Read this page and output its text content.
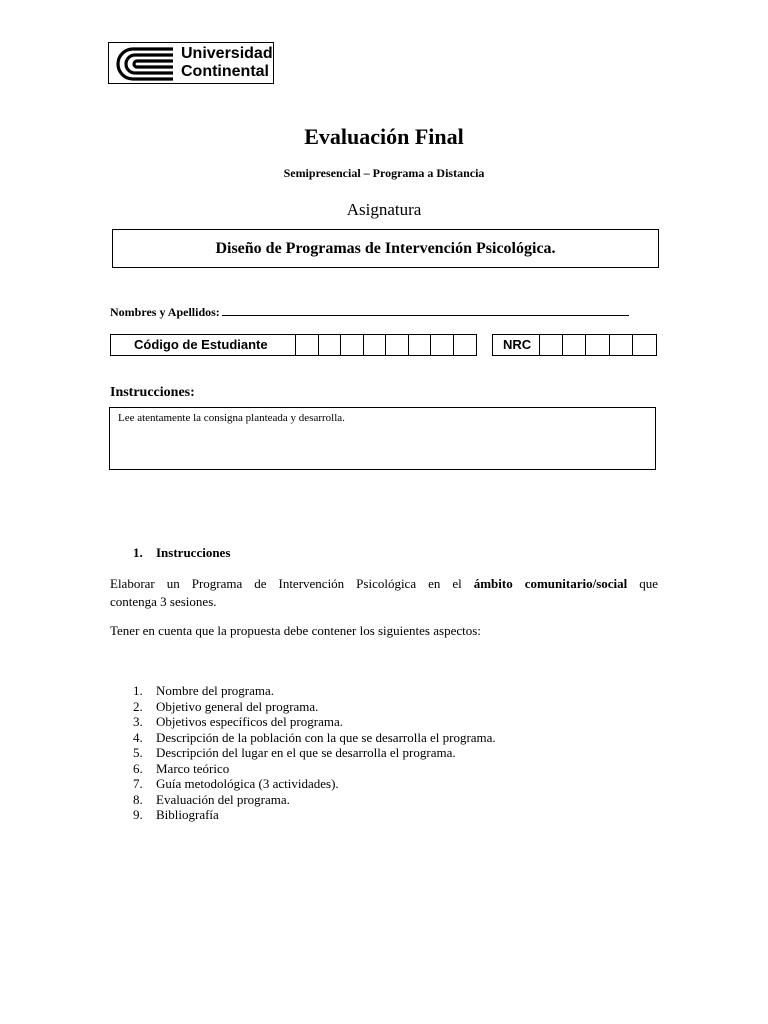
Universidad
Continental
Evaluación Final
Semipresencial – Programa a Distancia
Asignatura
Diseño de Programas de Intervención Psicológica.
Nombres y Apellidos:
Código de Estudiante	NRC
Instrucciones:
Lee atentamente la consigna planteada y desarrolla.
1. Instrucciones
Elaborar un Programa de Intervención Psicológica en el ámbito comunitario/social que
contenga 3 sesiones.
Tener en cuenta que la propuesta debe contener los siguientes aspectos:
1. Nombre del programa.
2. Objetivo general del programa.
3. Objetivos específicos del programa.
4. Descripción de la población con la que se desarrolla el programa.
5. Descripción del lugar en el que se desarrolla el programa.
6. Marco teórico
7. Guía metodológica (3 actividades).
8. Evaluación del programa.
9. Bibliografía
